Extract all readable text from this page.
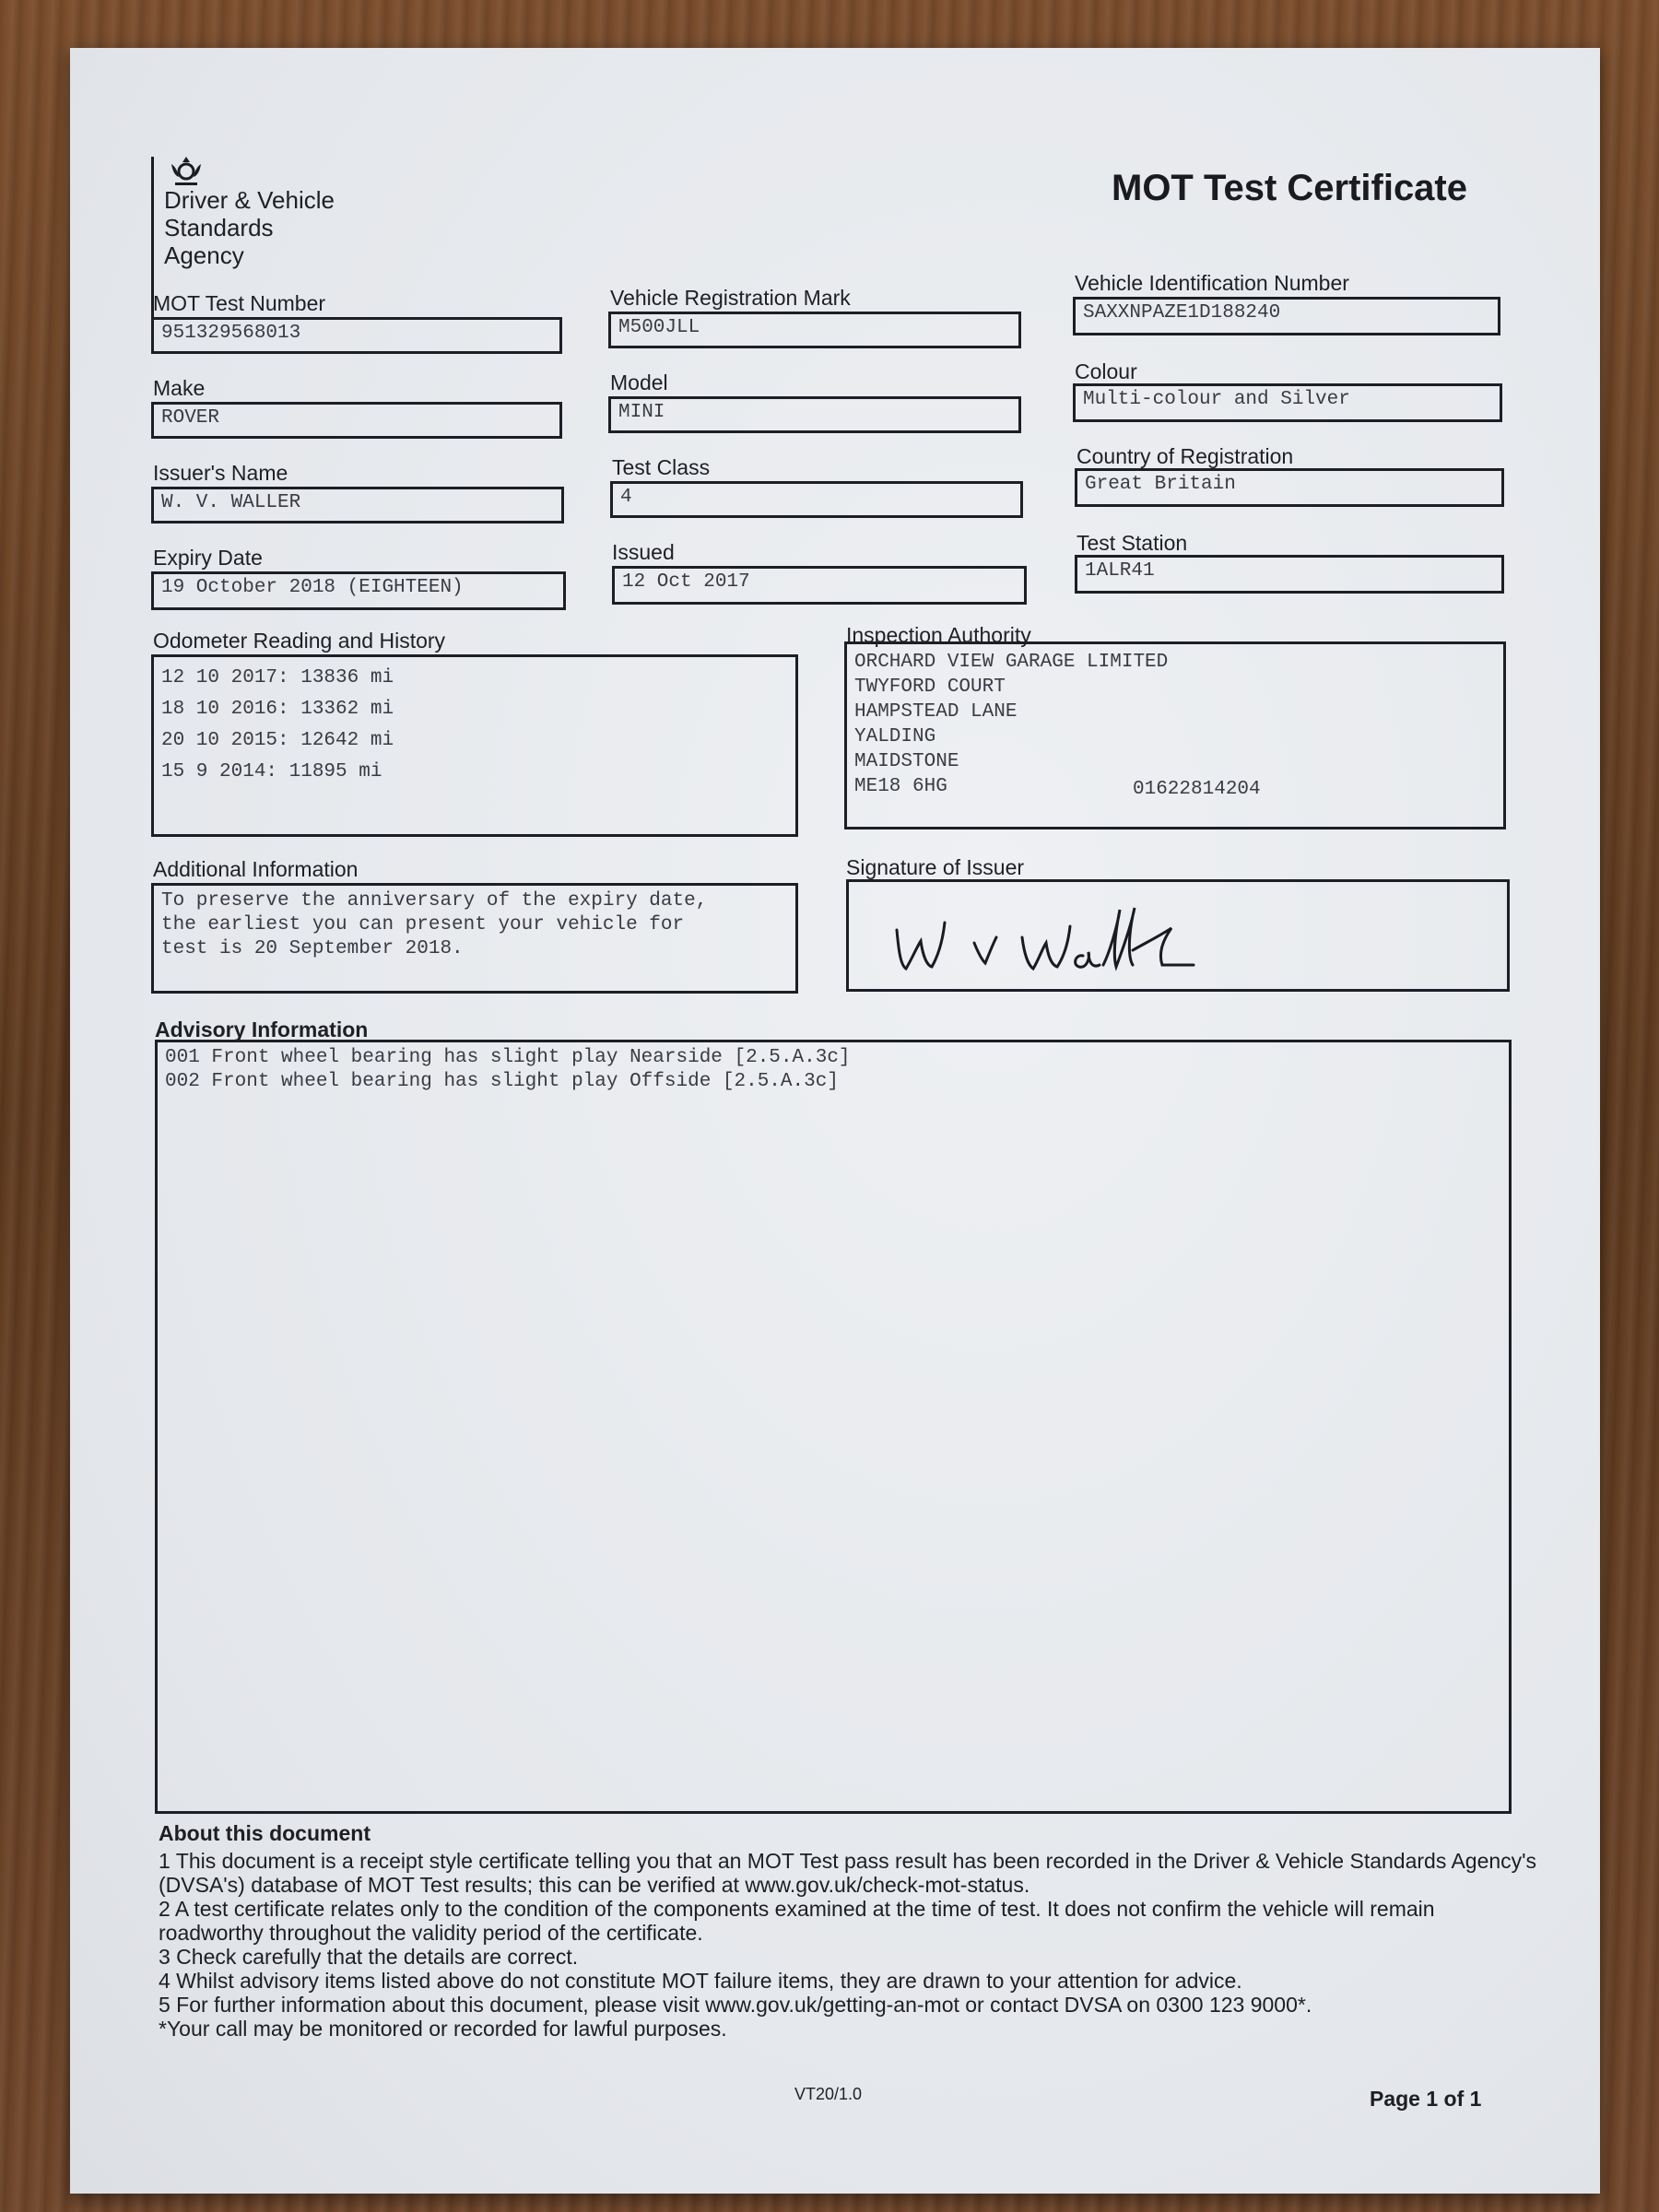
Driver & Vehicle
Standards
Agency
MOT Test Certificate
MOT Test Number
951329568013
Vehicle Registration Mark
M500JLL
Vehicle Identification Number
SAXXNPAZE1D188240
Make
ROVER
Model
MINI
Colour
Multi-colour and Silver
Issuer's Name
W. V. WALLER
Test Class
4
Country of Registration
Great Britain
Expiry Date
19 October 2018 (EIGHTEEN)
Issued
12 Oct 2017
Test Station
1ALR41
Odometer Reading and History
12 10 2017: 13836 mi
18 10 2016: 13362 mi
20 10 2015: 12642 mi
15 9 2014: 11895 mi
Inspection Authority
ORCHARD VIEW GARAGE LIMITED
TWYFORD COURT
HAMPSTEAD LANE
YALDING
MAIDSTONE
ME18 6HG	01622814204
Additional Information
To preserve the anniversary of the expiry date,
the earliest you can present your vehicle for
test is 20 September 2018.
Signature of Issuer
Advisory Information
001 Front wheel bearing has slight play Nearside [2.5.A.3c]
002 Front wheel bearing has slight play Offside [2.5.A.3c]
About this document

1 This document is a receipt style certificate telling you that an MOT Test pass result has been recorded in the Driver & Vehicle Standards Agency's (DVSA's) database of MOT Test results; this can be verified at www.gov.uk/check-mot-status.

2 A test certificate relates only to the condition of the components examined at the time of test. It does not confirm the vehicle will remain roadworthy throughout the validity period of the certificate.

3 Check carefully that the details are correct.

4 Whilst advisory items listed above do not constitute MOT failure items, they are drawn to your attention for advice.

5 For further information about this document, please visit www.gov.uk/getting-an-mot or contact DVSA on 0300 123 9000*.

*Your call may be monitored or recorded for lawful purposes.

VT20/1.0	Page 1 of 1
